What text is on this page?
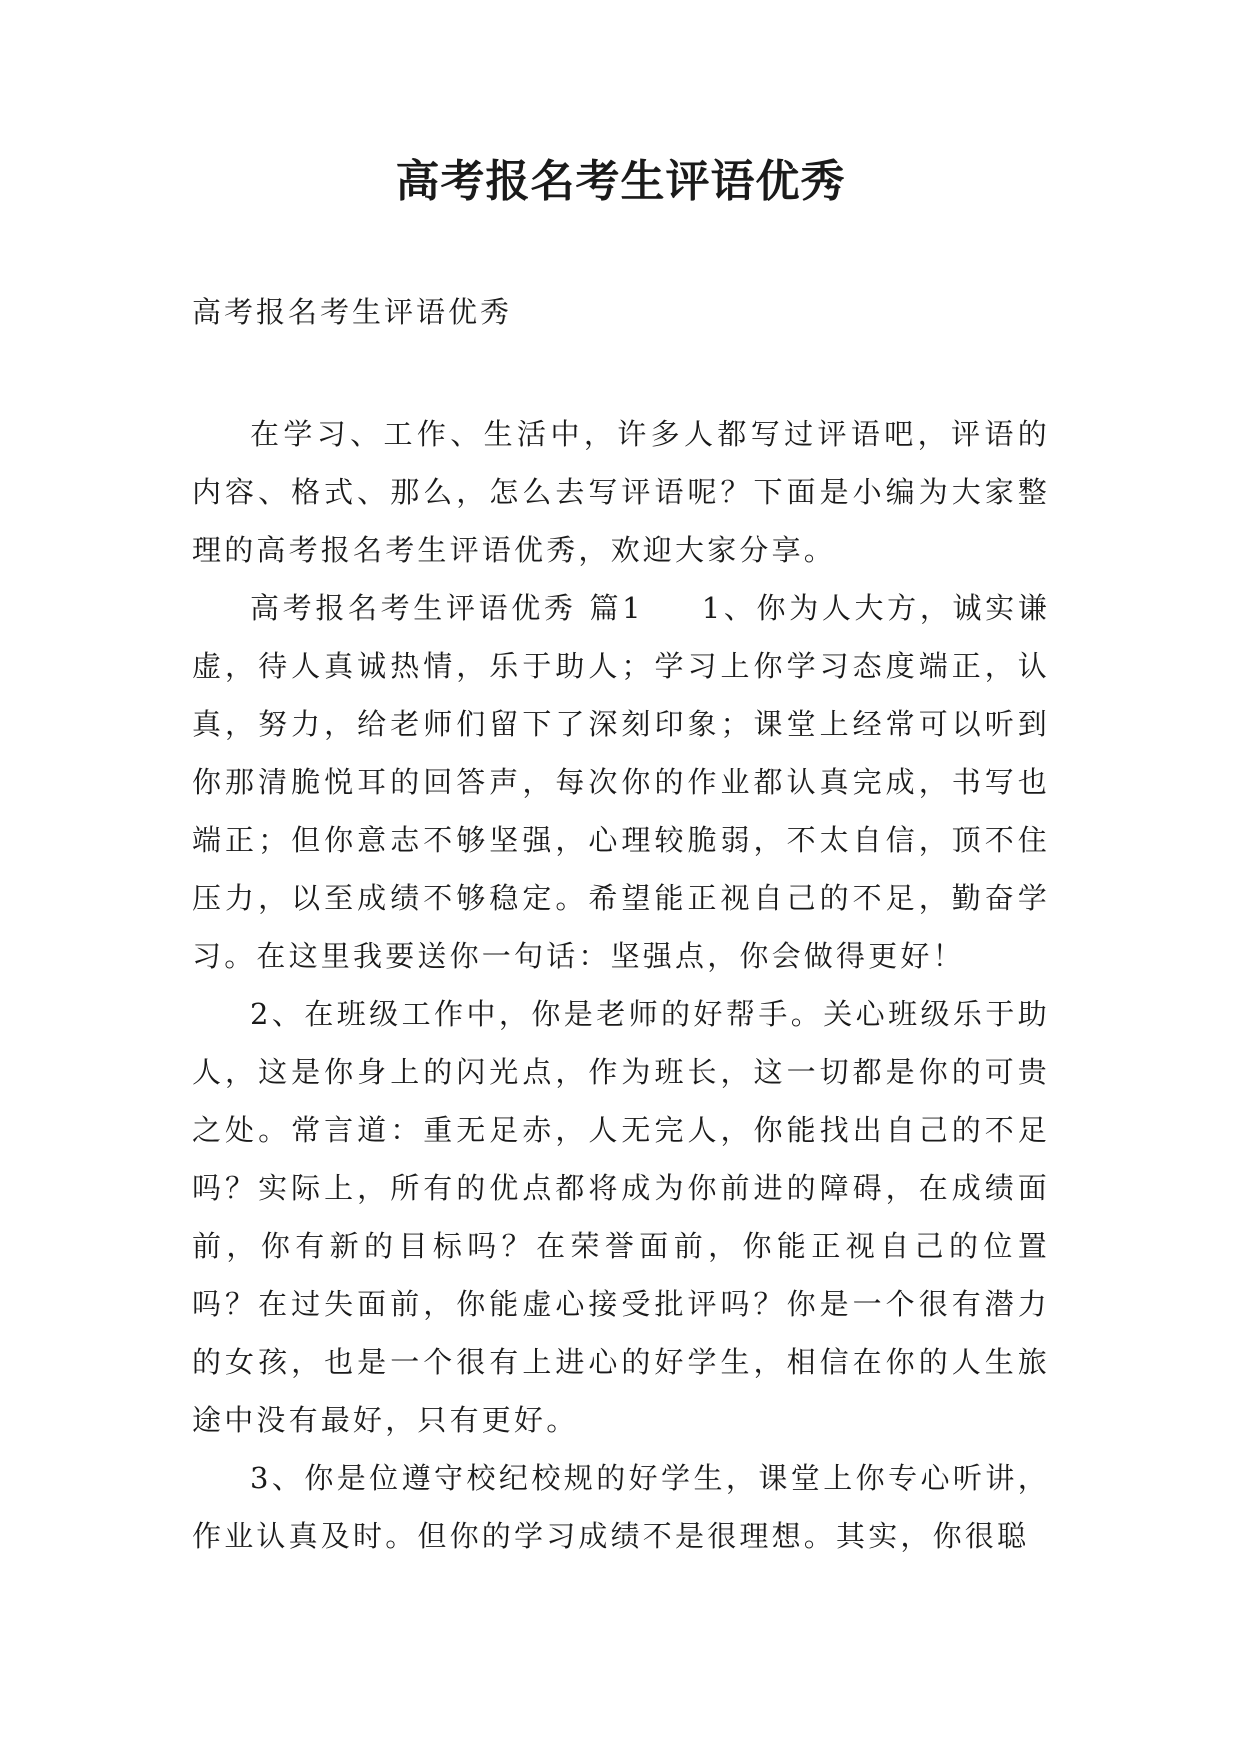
高考报名考生评语优秀

高考报名考生评语优秀

在学习、工作、生活中，许多人都写过评语吧，评语的内容、格式、那么，怎么去写评语呢？下面是小编为大家整理的高考报名考生评语优秀，欢迎大家分享。

高考报名考生评语优秀 篇1 1、你为人大方，诚实谦虚，待人真诚热情，乐于助人；学习上你学习态度端正，认真，努力，给老师们留下了深刻印象；课堂上经常可以听到你那清脆悦耳的回答声，每次你的作业都认真完成，书写也端正；但你意志不够坚强，心理较脆弱，不太自信，顶不住压力，以至成绩不够稳定。希望能正视自己的不足，勤奋学习。在这里我要送你一句话：坚强点，你会做得更好！

2、在班级工作中，你是老师的好帮手。关心班级乐于助人，这是你身上的闪光点，作为班长，这一切都是你的可贵之处。常言道：重无足赤，人无完人，你能找出自己的不足吗？实际上，所有的优点都将成为你前进的障碍，在成绩面前，你有新的目标吗？在荣誉面前，你能正视自己的位置吗？在过失面前，你能虚心接受批评吗？你是一个很有潜力的女孩，也是一个很有上进心的好学生，相信在你的人生旅途中没有最好，只有更好。

3、你是位遵守校纪校规的好学生，课堂上你专心听讲，作业认真及时。但你的学习成绩不是很理想。其实，你很聪
